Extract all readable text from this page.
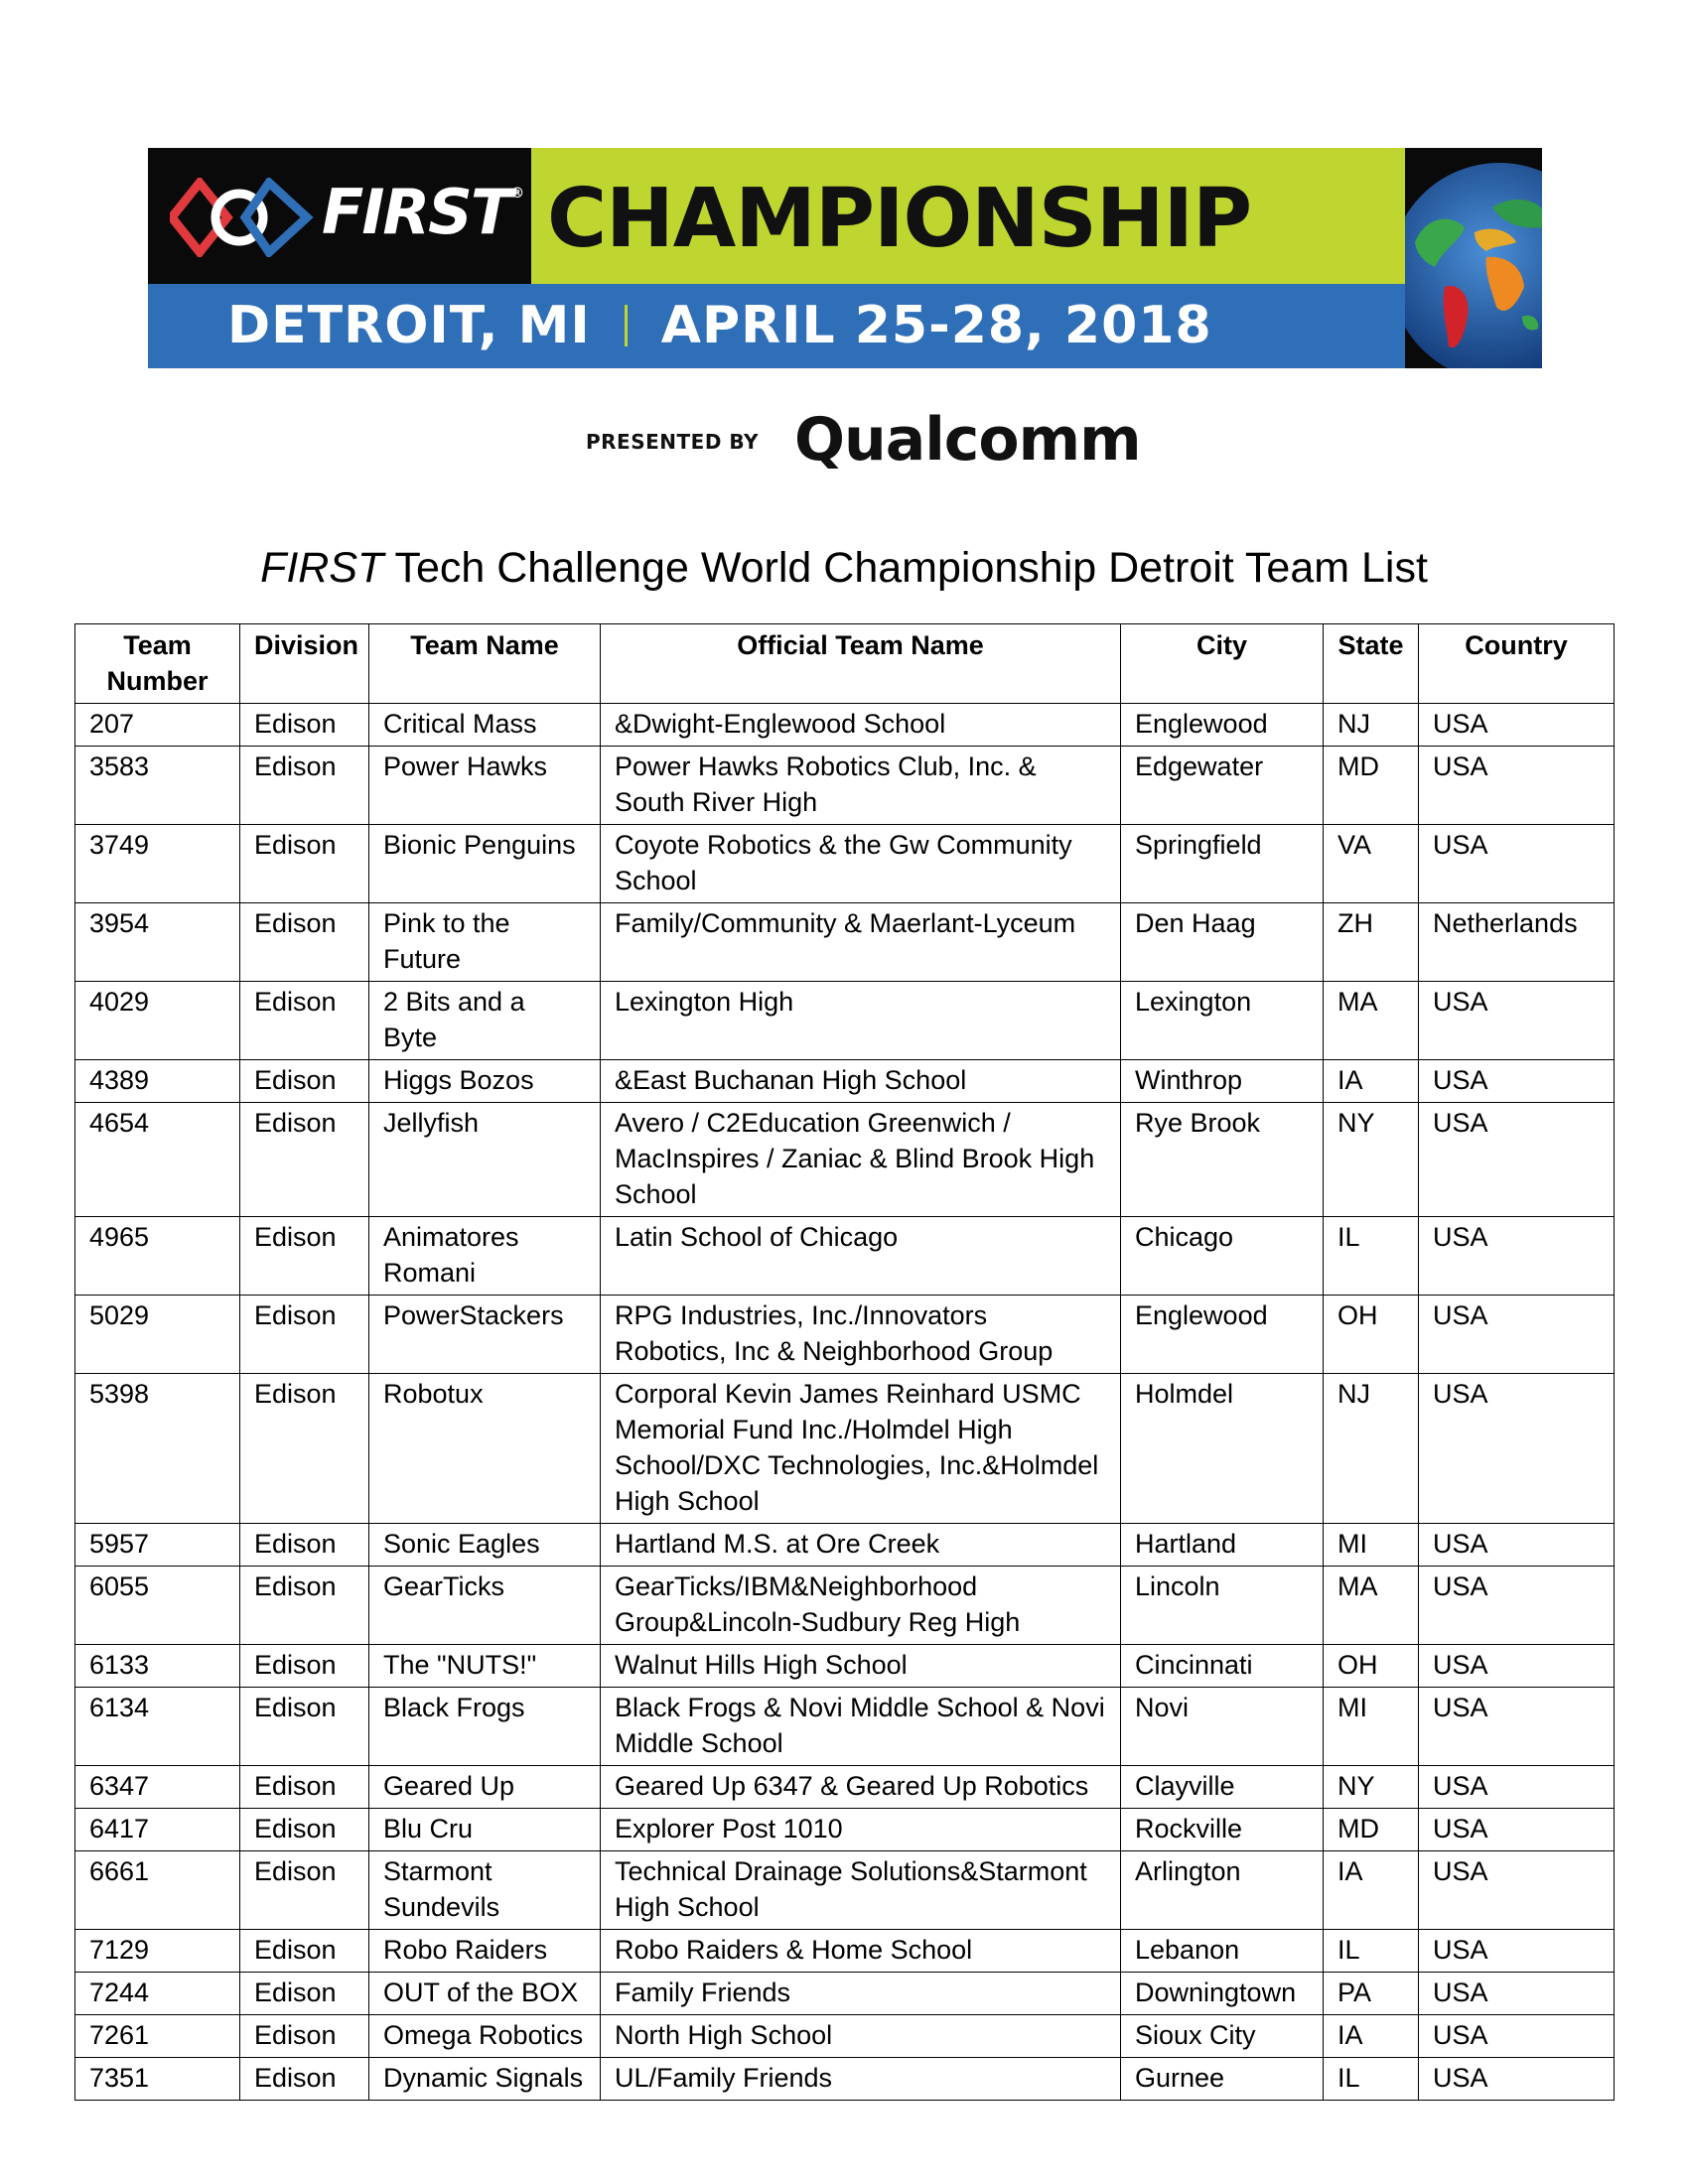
FIRST® CHAMPIONSHIP
DETROIT, MI APRIL 25-28, 2018
PRESENTED BY Qualcomm
FIRST Tech Challenge World Championship Detroit Team List
Team Number	Division	Team Name	Official Team Name	City	State	Country
207	Edison	Critical Mass	&Dwight-Englewood School	Englewood	NJ	USA
3583	Edison	Power Hawks	Power Hawks Robotics Club, Inc. & South River High	Edgewater	MD	USA
3749	Edison	Bionic Penguins	Coyote Robotics & the Gw Community School	Springfield	VA	USA
3954	Edison	Pink to the Future	Family/Community & Maerlant-Lyceum	Den Haag	ZH	Netherlands
4029	Edison	2 Bits and a Byte	Lexington High	Lexington	MA	USA
4389	Edison	Higgs Bozos	&East Buchanan High School	Winthrop	IA	USA
4654	Edison	Jellyfish	Avero / C2Education Greenwich / MacInspires / Zaniac & Blind Brook High School	Rye Brook	NY	USA
4965	Edison	Animatores Romani	Latin School of Chicago	Chicago	IL	USA
5029	Edison	PowerStackers	RPG Industries, Inc./Innovators Robotics, Inc & Neighborhood Group	Englewood	OH	USA
5398	Edison	Robotux	Corporal Kevin James Reinhard USMC Memorial Fund Inc./Holmdel High School/DXC Technologies, Inc.&Holmdel High School	Holmdel	NJ	USA
5957	Edison	Sonic Eagles	Hartland M.S. at Ore Creek	Hartland	MI	USA
6055	Edison	GearTicks	GearTicks/IBM&Neighborhood Group&Lincoln-Sudbury Reg High	Lincoln	MA	USA
6133	Edison	The "NUTS!"	Walnut Hills High School	Cincinnati	OH	USA
6134	Edison	Black Frogs	Black Frogs & Novi Middle School & Novi Middle School	Novi	MI	USA
6347	Edison	Geared Up	Geared Up 6347 & Geared Up Robotics	Clayville	NY	USA
6417	Edison	Blu Cru	Explorer Post 1010	Rockville	MD	USA
6661	Edison	Starmont Sundevils	Technical Drainage Solutions&Starmont High School	Arlington	IA	USA
7129	Edison	Robo Raiders	Robo Raiders & Home School	Lebanon	IL	USA
7244	Edison	OUT of the BOX	Family Friends	Downingtown	PA	USA
7261	Edison	Omega Robotics	North High School	Sioux City	IA	USA
7351	Edison	Dynamic Signals	UL/Family Friends	Gurnee	IL	USA
